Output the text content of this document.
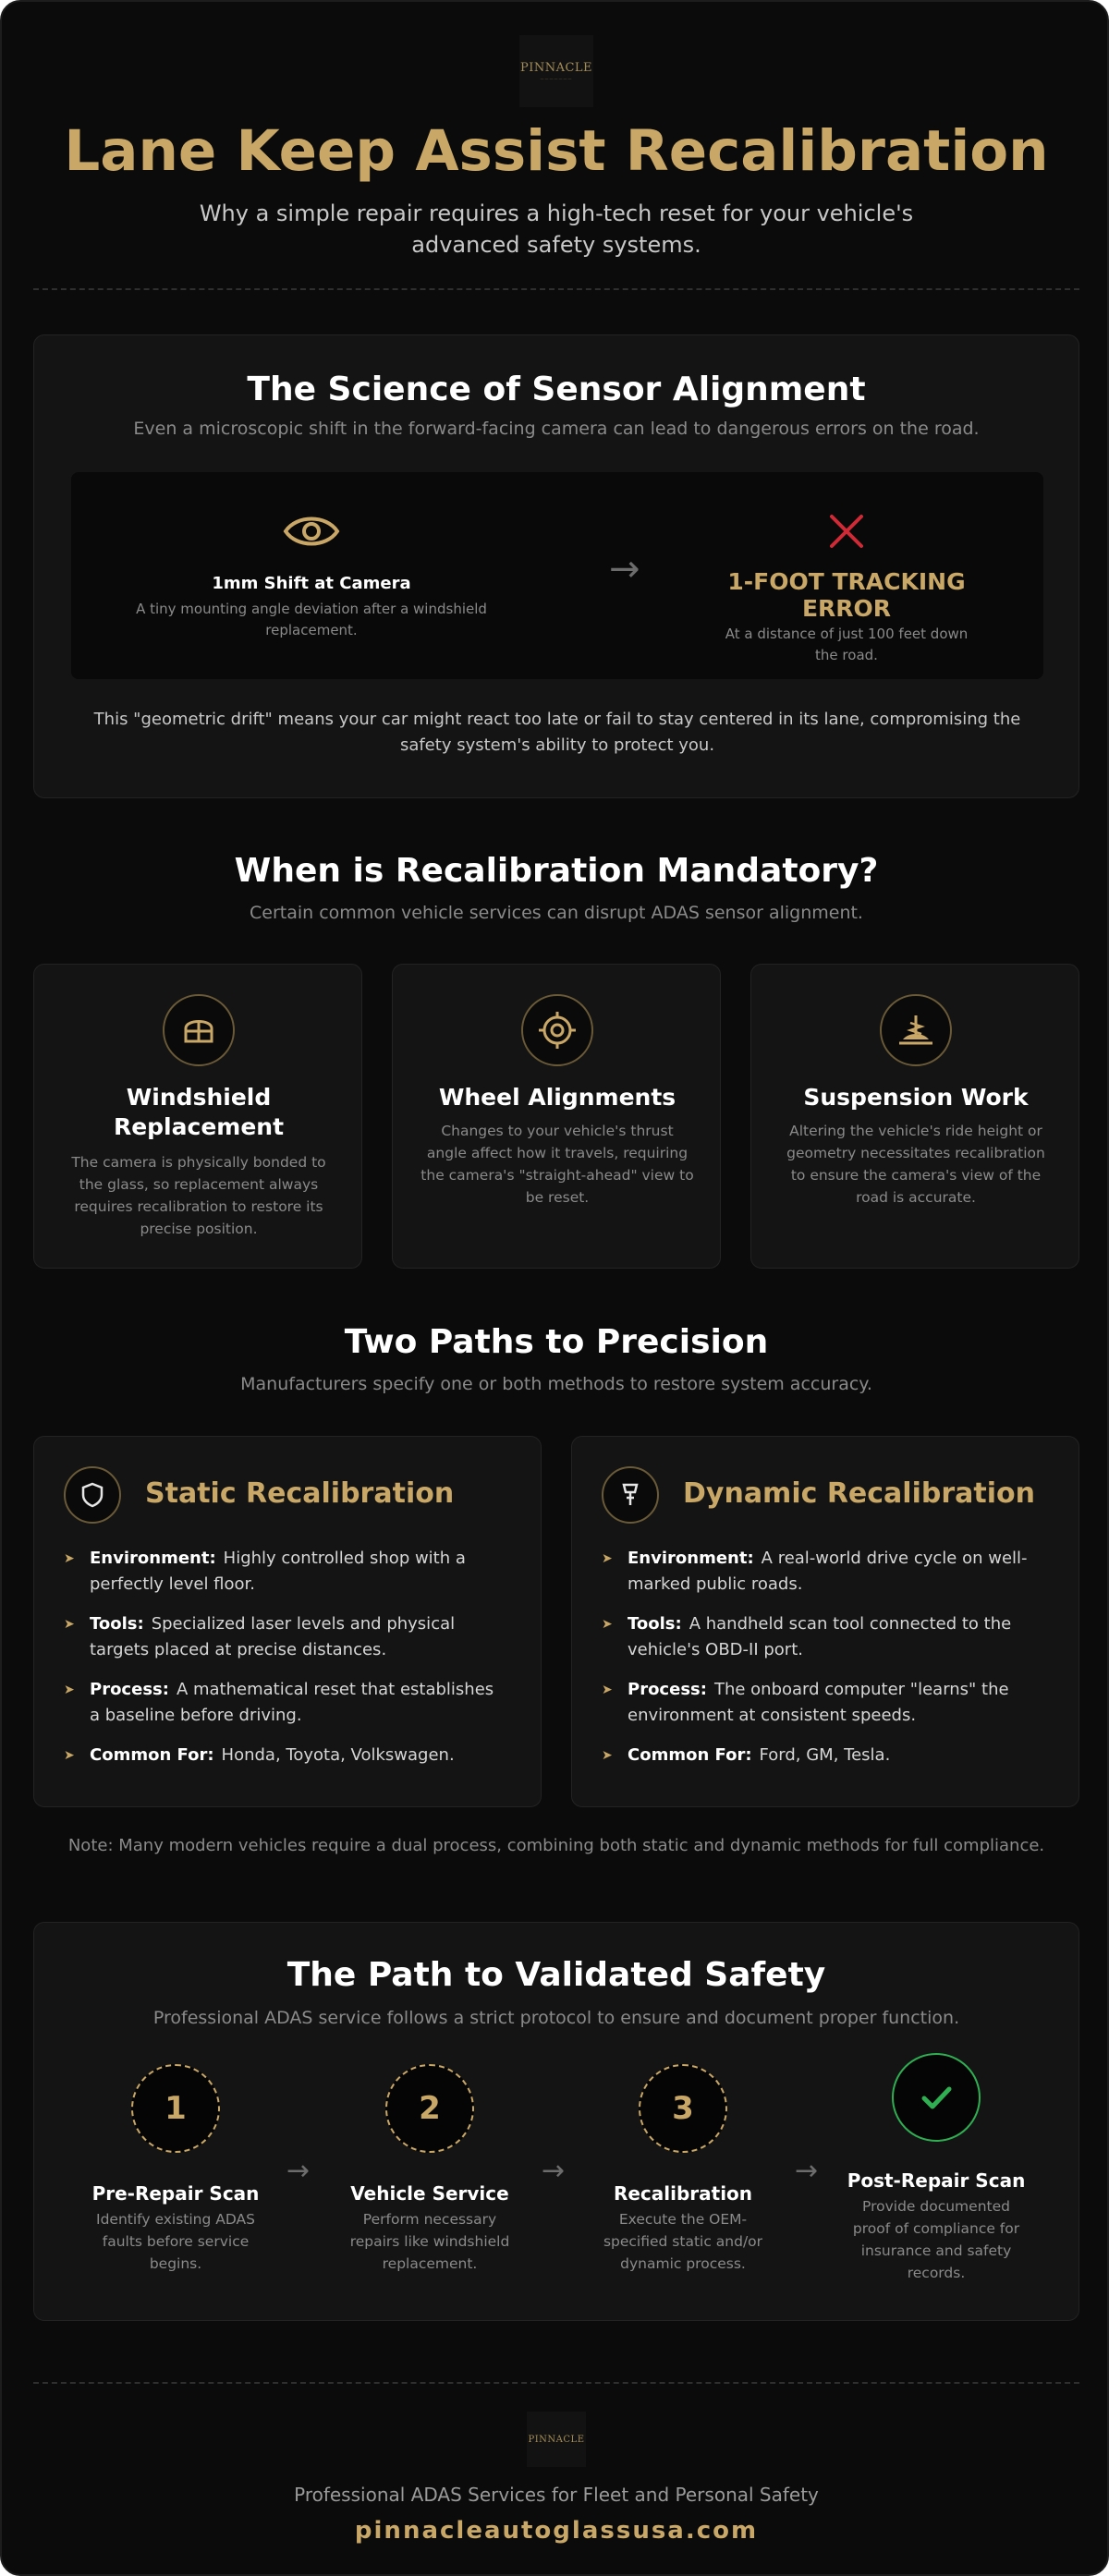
PINNACLE
———————
Lane Keep Assist Recalibration

Why a simple repair requires a high-tech reset for your vehicle's advanced safety systems.

The Science of Sensor Alignment

Even a microscopic shift in the forward-facing camera can lead to dangerous errors on the road.

1mm Shift at Camera
A tiny mounting angle deviation after a windshield replacement.
→	1-FOOT TRACKING ERROR
At a distance of just 100 feet down the road.

This "geometric drift" means your car might react too late or fail to stay centered in its lane, compromising the safety system's ability to protect you.

When is Recalibration Mandatory?

Certain common vehicle services can disrupt ADAS sensor alignment.

Windshield Replacement
The camera is physically bonded to the glass, so replacement always requires recalibration to restore its precise position.
Wheel Alignments
Changes to your vehicle's thrust angle affect how it travels, requiring the camera's "straight-ahead" view to be reset.
Suspension Work
Altering the vehicle's ride height or geometry necessitates recalibration to ensure the camera's view of the road is accurate.
Two Paths to Precision

Manufacturers specify one or both methods to restore system accuracy.

Static Recalibration
➤ Environment: Highly controlled shop with a perfectly level floor.
➤ Tools: Specialized laser levels and physical targets placed at precise distances.
➤ Process: A mathematical reset that establishes a baseline before driving.
➤ Common For: Honda, Toyota, Volkswagen.
Dynamic Recalibration
➤ Environment: A real-world drive cycle on well-marked public roads.
➤ Tools: A handheld scan tool connected to the vehicle's OBD-II port.
➤ Process: The onboard computer "learns" the environment at consistent speeds.
➤ Common For: Ford, GM, Tesla.

Note: Many modern vehicles require a dual process, combining both static and dynamic methods for full compliance.

The Path to Validated Safety

Professional ADAS service follows a strict protocol to ensure and document proper function.

1
Pre-Repair Scan
Identify existing ADAS faults before service begins.
→
2
Vehicle Service
Perform necessary repairs like windshield replacement.
→
3
Recalibration
Execute the OEM-specified static and/or dynamic process.
→	Post-Repair Scan
Provide documented proof of compliance for insurance and safety records.
PINNACLE

Professional ADAS Services for Fleet and Personal Safety

pinnacleautoglassusa.com
